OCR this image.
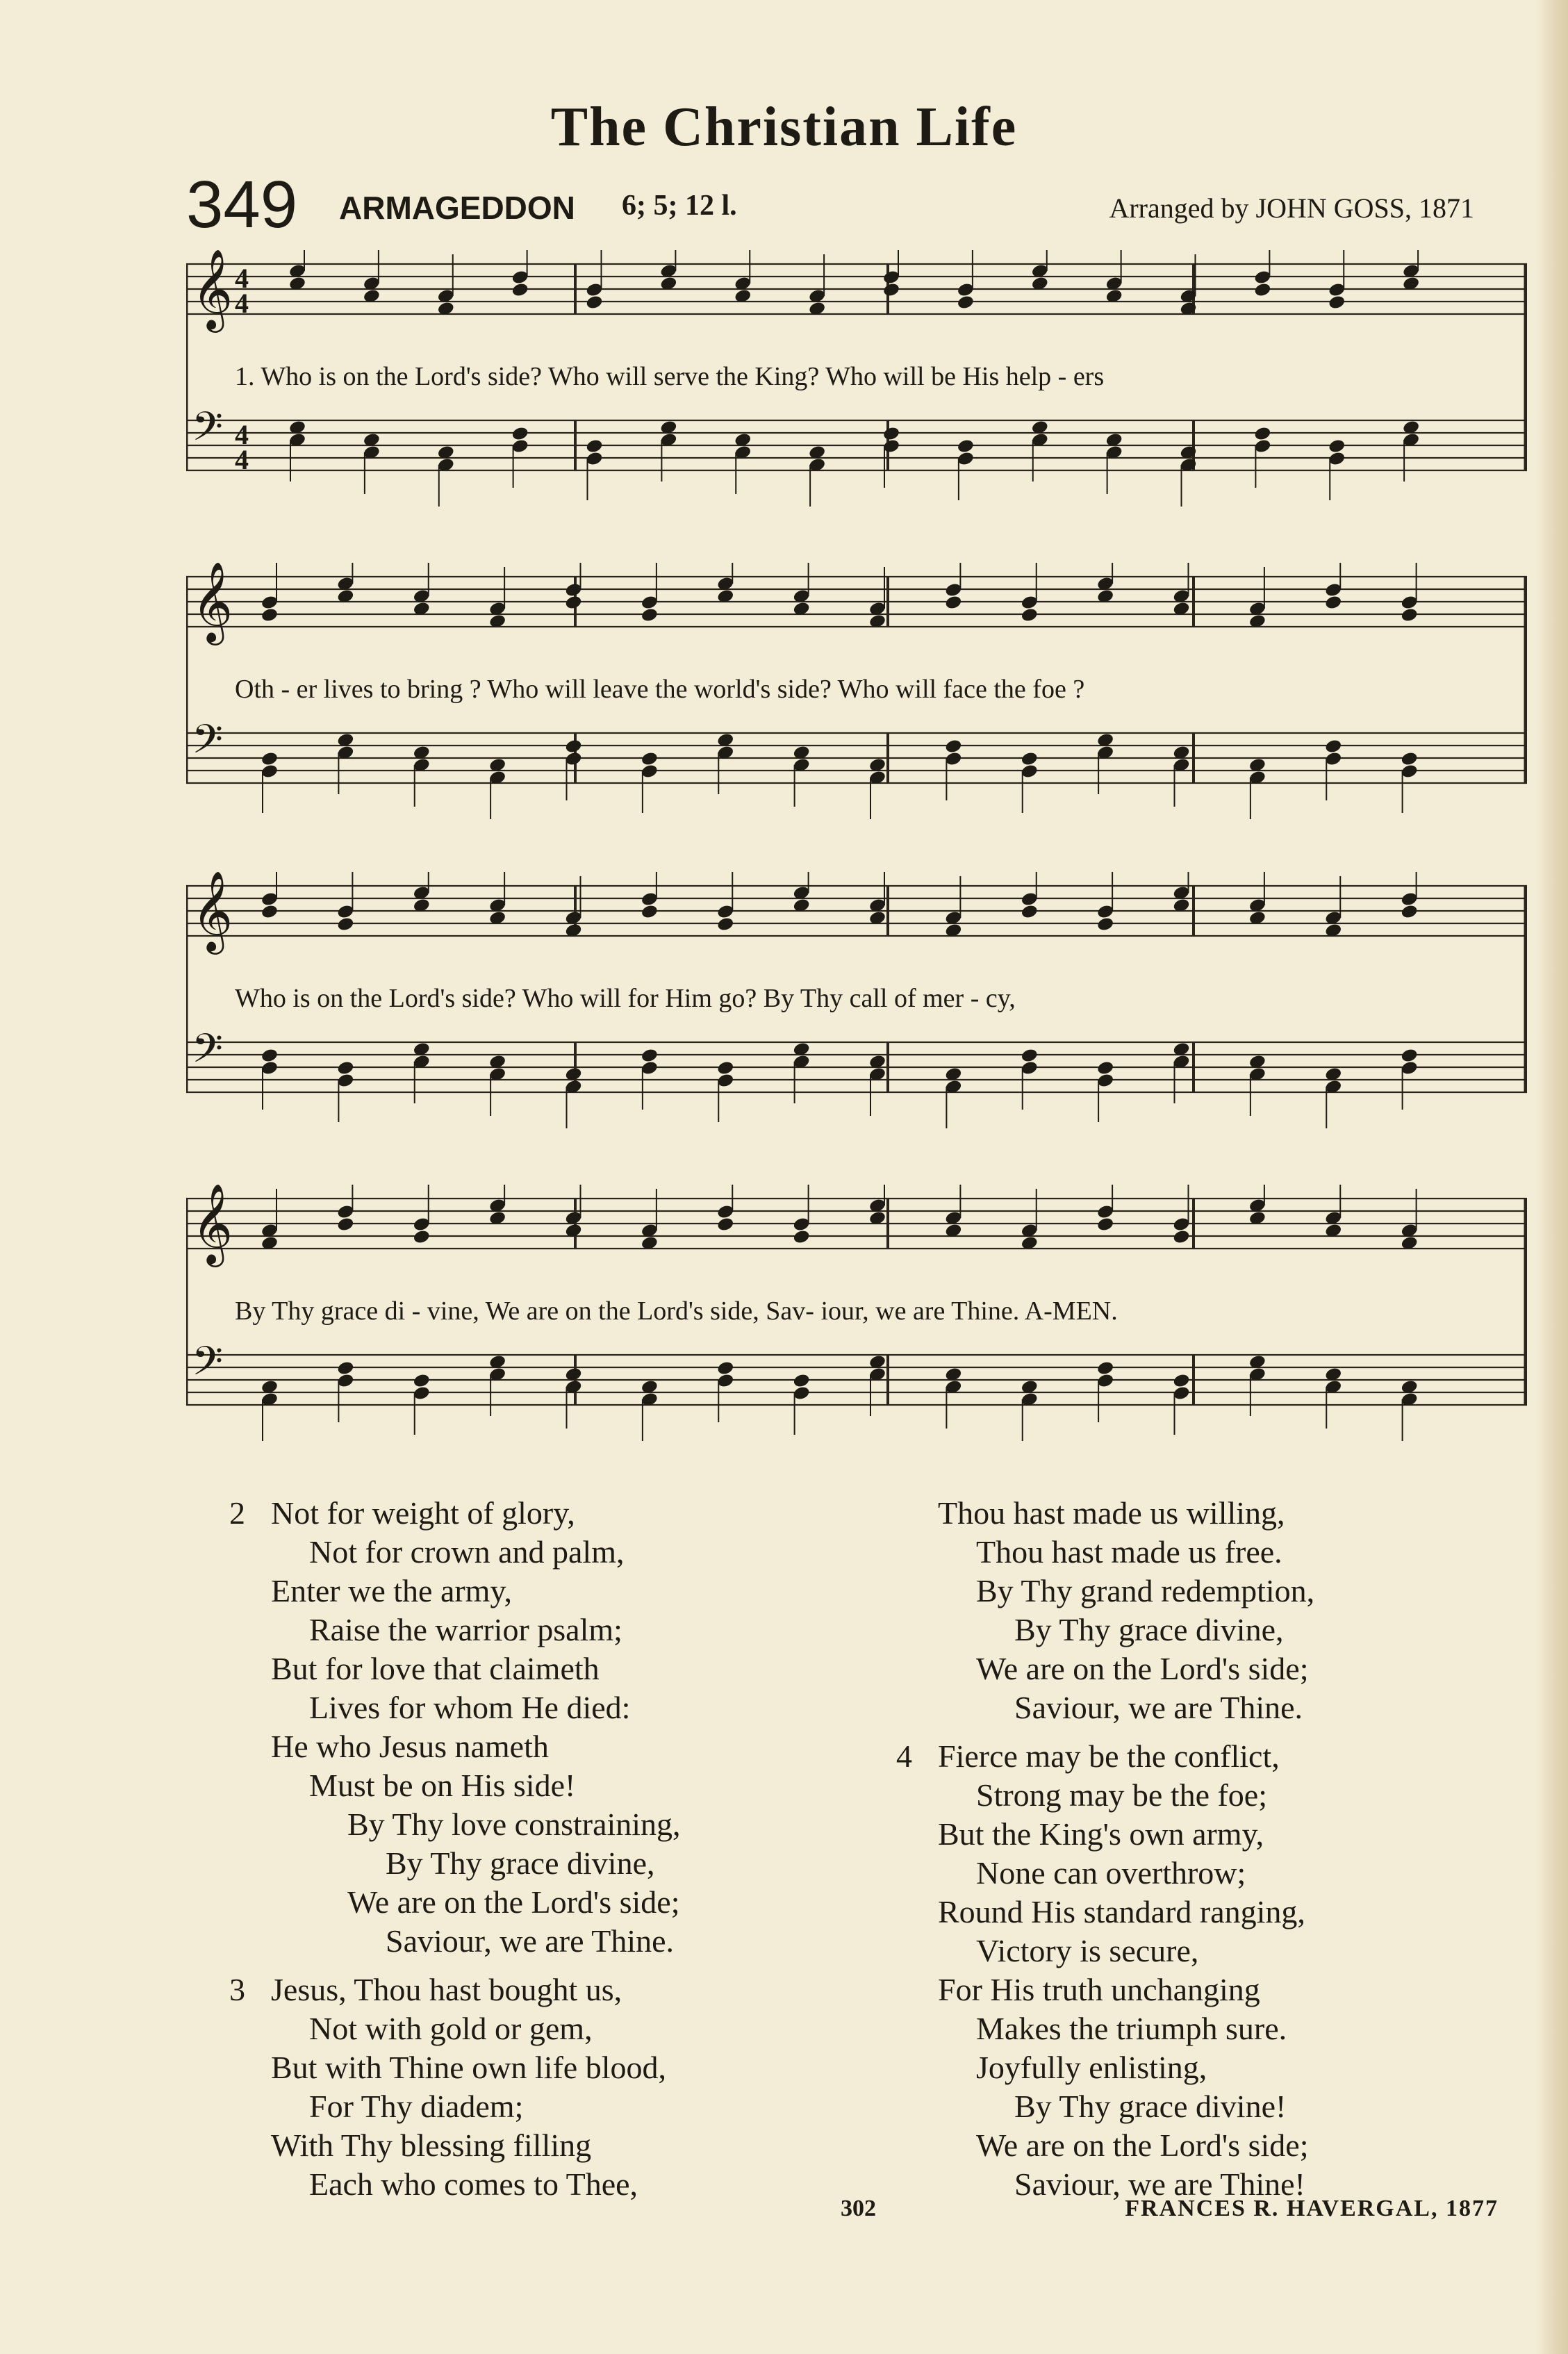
The Christian Life
349 ARMAGEDDON 6; 5; 12 l.	Arranged by JOHN GOSS, 1871
𝄞 4
4
𝄢 4
4
1. Who is on the Lord's side? Who will serve the King? Who will be His help - ers
𝄞
𝄢
Oth - er lives to bring ? Who will leave the world's side? Who will face the foe ?
𝄞
𝄢
Who is on the Lord's side? Who will for Him go? By Thy call of mer - cy,
𝄞
𝄢
By Thy grace di - vine, We are on the Lord's side, Sav- iour, we are Thine. A-MEN.
2 Not for weight of glory,
Not for crown and palm,
Enter we the army,
Raise the warrior psalm;
But for love that claimeth
Lives for whom He died:
He who Jesus nameth
Must be on His side!
By Thy love constraining,
By Thy grace divine,
We are on the Lord's side;
Saviour, we are Thine.
3 Jesus, Thou hast bought us,
Not with gold or gem,
But with Thine own life blood,
For Thy diadem;
With Thy blessing filling
Each who comes to Thee,
Thou hast made us willing,
Thou hast made us free.
By Thy grand redemption,
By Thy grace divine,
We are on the Lord's side;
Saviour, we are Thine.
4 Fierce may be the conflict,
Strong may be the foe;
But the King's own army,
None can overthrow;
Round His standard ranging,
Victory is secure,
For His truth unchanging
Makes the triumph sure.
Joyfully enlisting,
By Thy grace divine!
We are on the Lord's side;
Saviour, we are Thine!
302	FRANCES R. HAVERGAL, 1877
